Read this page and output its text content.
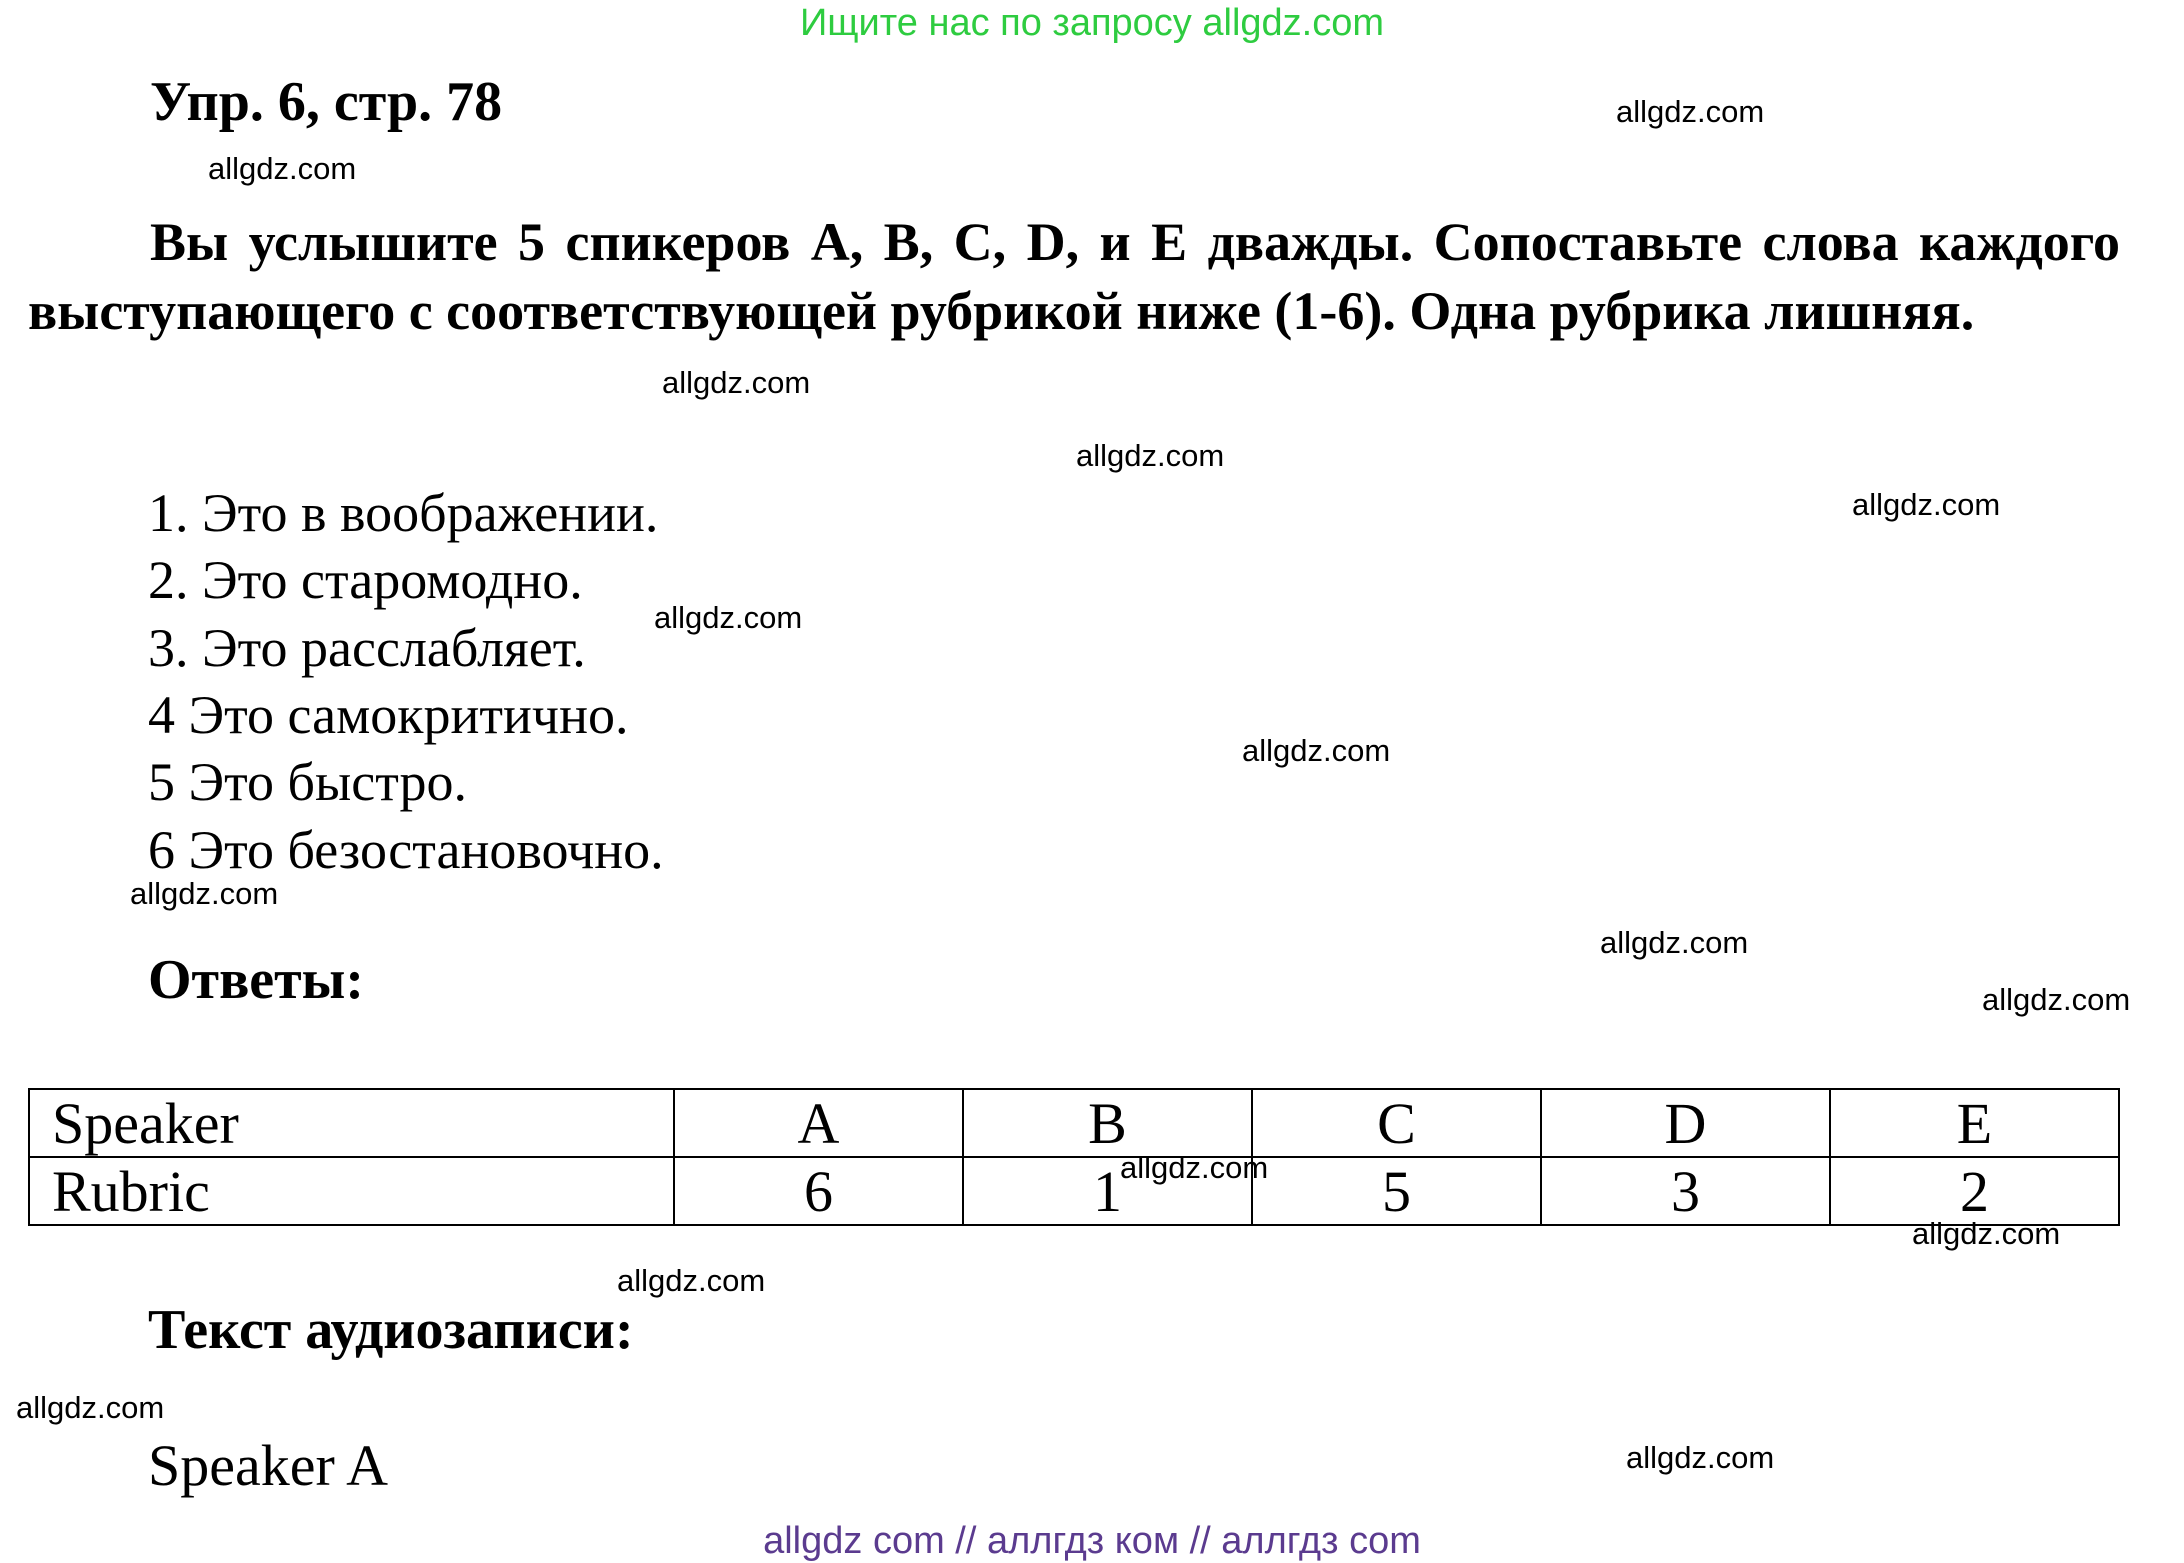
Ищите нас по запросу allgdz.com
Упр. 6, стр. 78
Вы услышите 5 спикеров A, B, C, D, и E дважды. Сопоставьте слова каждого выступающего с соответствующей рубрикой ниже (1-6). Одна рубрика лишняя.
1. Это в воображении.
2. Это старомодно.
3. Это расслабляет.
4 Это самокритично.
5 Это быстро.
6 Это безостановочно.
Ответы:
Speaker	A	B	C	D	E
Rubric	6	1	5	3	2
Текст аудиозаписи:
Speaker A
allgdz com // аллгдз ком // аллгдз com
allgdz.com
allgdz.com
allgdz.com
allgdz.com
allgdz.com
allgdz.com
allgdz.com
allgdz.com
allgdz.com
allgdz.com
allgdz.com
allgdz.com
allgdz.com
allgdz.com
allgdz.com
